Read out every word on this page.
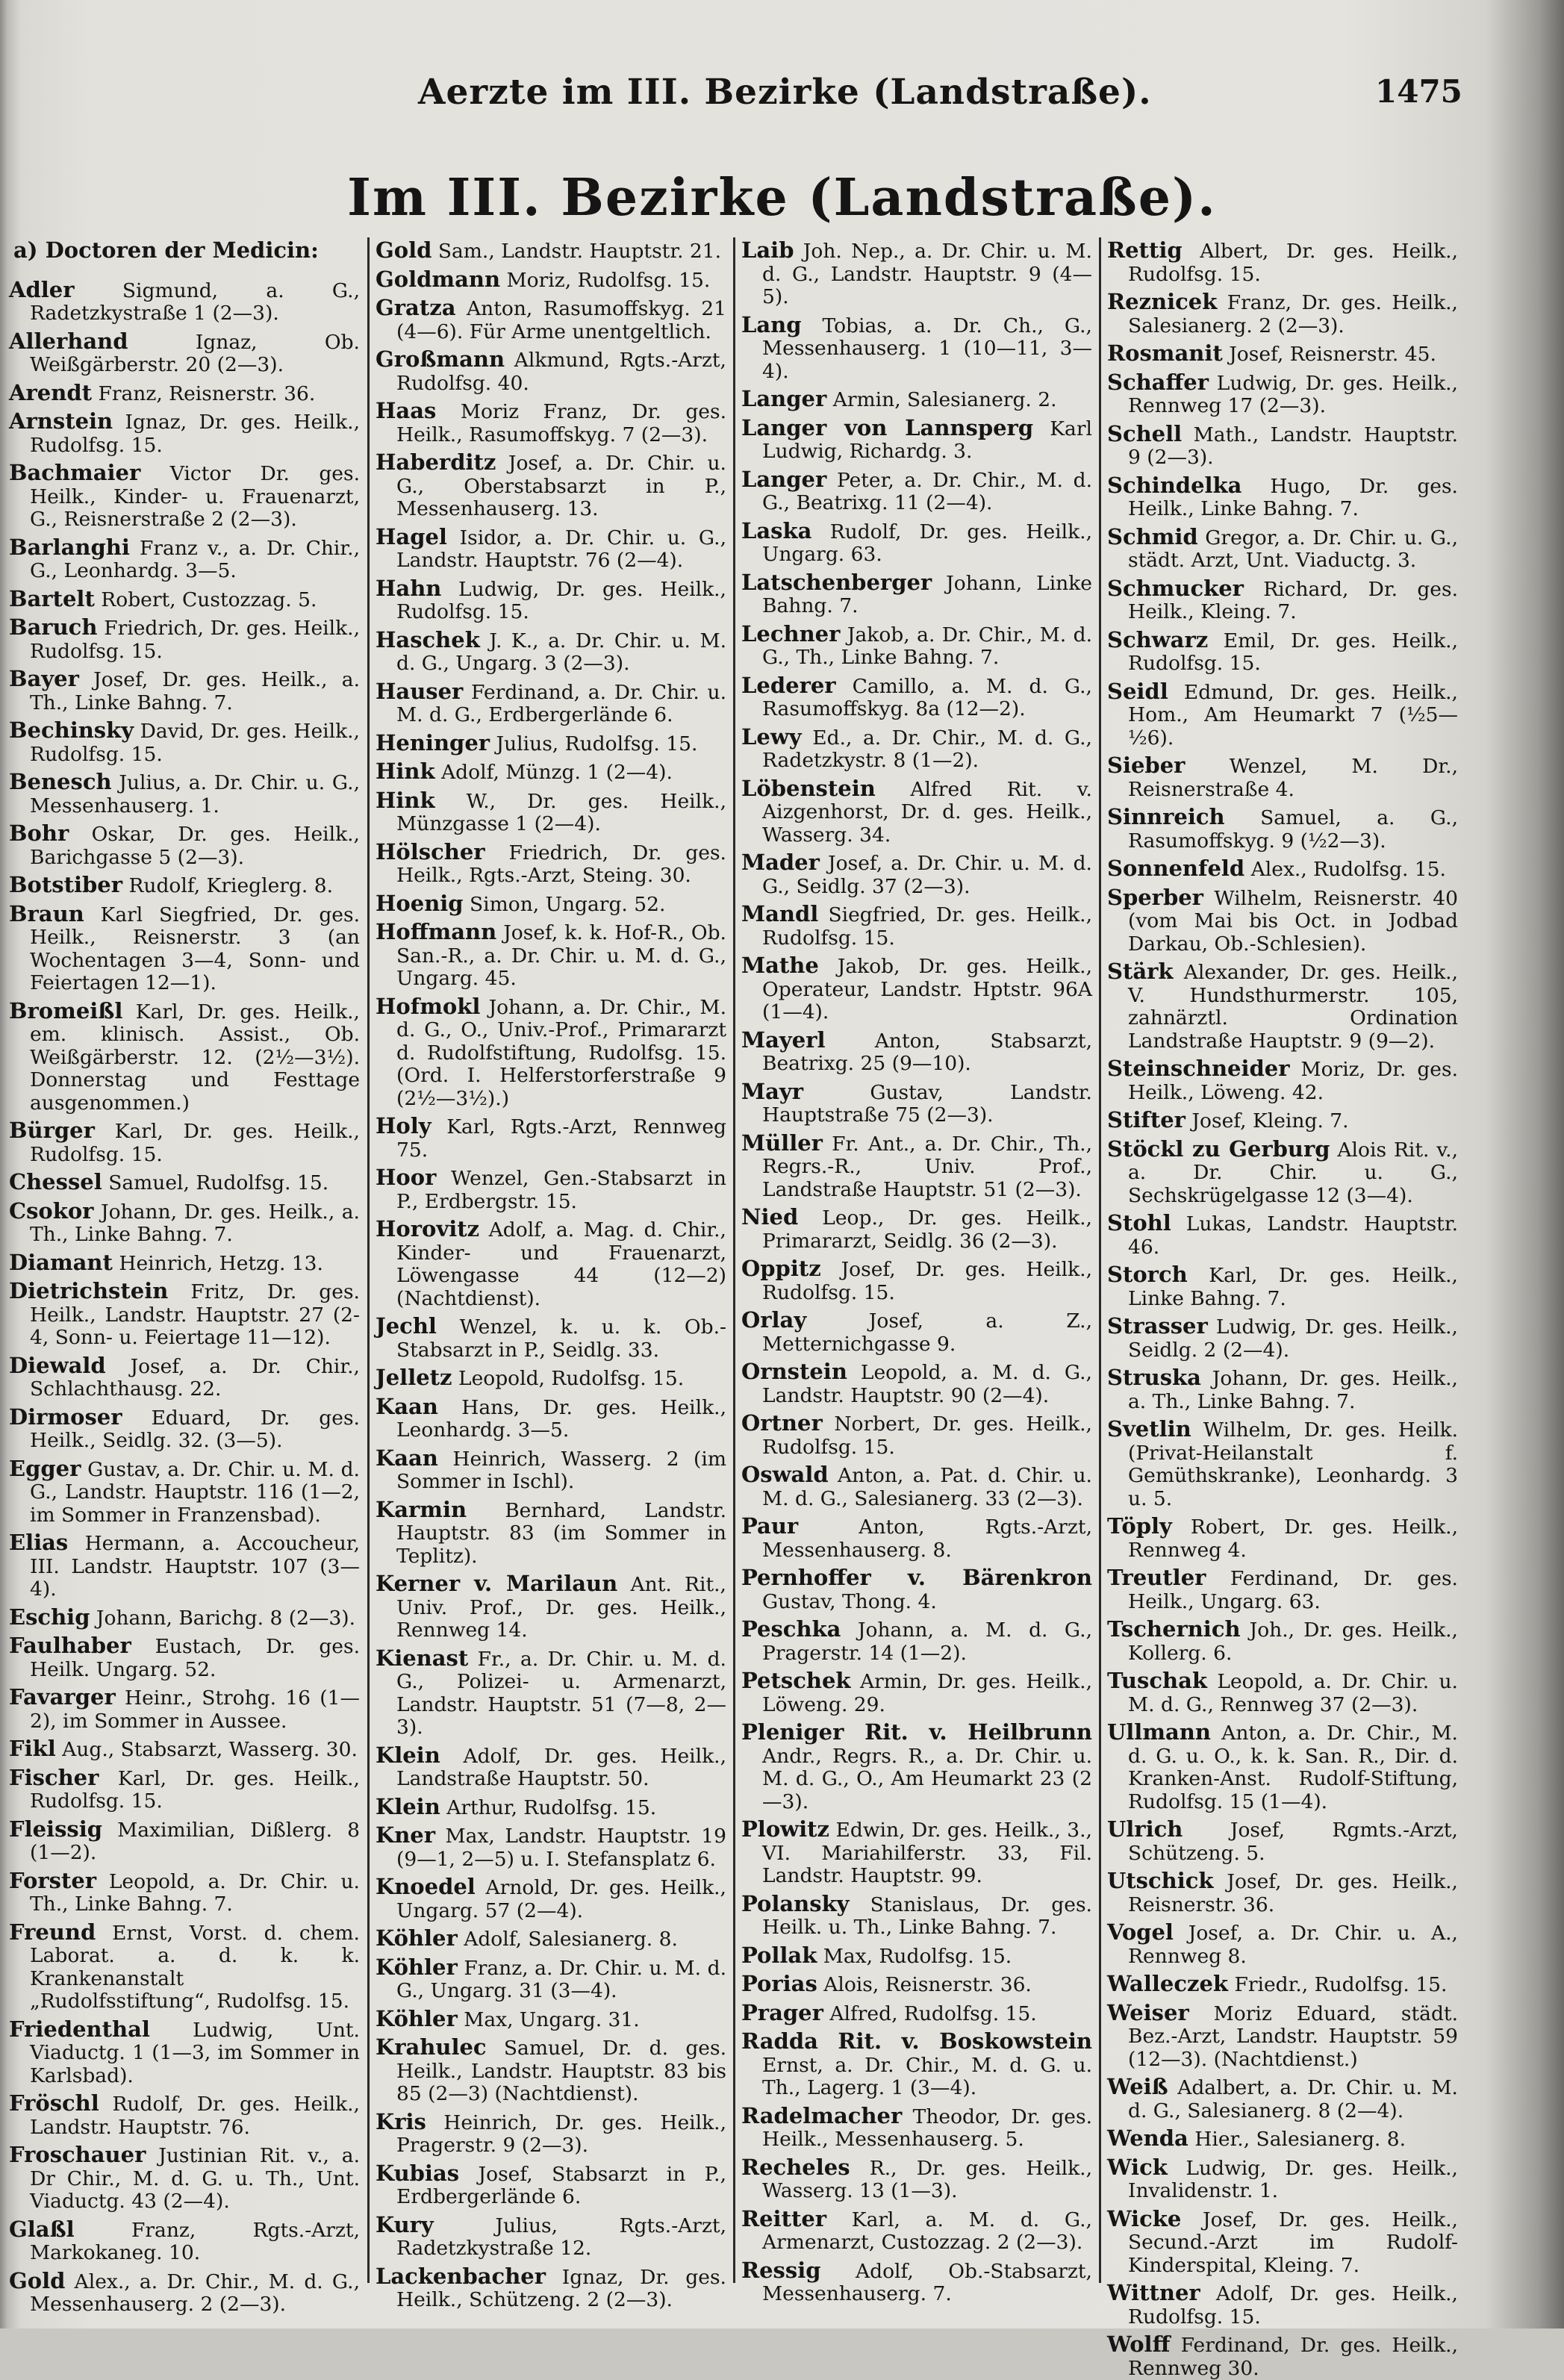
Aerzte im III. Bezirke (Landstraße).	1475
Im III. Bezirke (Landstraße).
a) Doctoren der Medicin:
Adler Sigmund, a. G., Radetzkystraße 1 (2—3).
Allerhand	Ignaz, Ob. Weißgärberstr. 20 (2—3).
Arendt Franz, Reisnerstr. 36.
Arnstein Ignaz, Dr. ges. Heilk., Rudolfsg. 15.
Bachmaier Victor Dr. ges. Heilk., Kinder- u. Frauenarzt, G., Reisnerstraße 2 (2—3).
Barlanghi Franz v., a. Dr. Chir., G., Leonhardg. 3—5.
Bartelt Robert, Custozzag. 5.
Baruch Friedrich, Dr. ges. Heilk., Rudolfsg. 15.
Bayer Josef, Dr. ges. Heilk., a. Th., Linke Bahng. 7.
Bechinsky David, Dr. ges. Heilk., Rudolfsg. 15.
Benesch Julius, a. Dr. Chir. u. G., Messenhauserg. 1.
Bohr Oskar, Dr. ges. Heilk., Barichgasse 5 (2—3).
Botstiber Rudolf, Krieglerg. 8.
Braun Karl Siegfried, Dr. ges. Heilk., Reisnerstr. 3 (an Wochentagen 3—4, Sonn- und Feiertagen 12—1).
Bromeißl Karl, Dr. ges. Heilk., em. klinisch. Assist., Ob. Weißgärberstr. 12. (2½—3½). Donnerstag und Festtage ausgenommen.)
Bürger Karl, Dr. ges. Heilk., Rudolfsg. 15.
Chessel Samuel, Rudolfsg. 15.
Csokor Johann, Dr. ges. Heilk., a. Th., Linke Bahng. 7.
Diamant Heinrich, Hetzg. 13.
Dietrichstein Fritz, Dr. ges. Heilk., Landstr. Hauptstr. 27 (2-4, Sonn- u. Feiertage 11—12).
Diewald Josef, a. Dr. Chir., Schlachthausg. 22.
Dirmoser Eduard, Dr. ges. Heilk., Seidlg. 32. (3—5).
Egger Gustav, a. Dr. Chir. u. M. d. G., Landstr. Hauptstr. 116 (1—2, im Sommer in Franzensbad).
Elias Hermann, a. Accoucheur, III. Landstr. Hauptstr. 107 (3—4).
Eschig Johann, Barichg. 8 (2—3).
Faulhaber Eustach, Dr. ges. Heilk. Ungarg. 52.
Favarger Heinr., Strohg. 16 (1—2), im Sommer in Aussee.
Fikl Aug., Stabsarzt, Wasserg. 30.
Fischer Karl, Dr. ges. Heilk., Rudolfsg. 15.
Fleissig Maximilian, Dißlerg. 8 (1—2).
Forster Leopold, a. Dr. Chir. u. Th., Linke Bahng. 7.
Freund Ernst, Vorst. d. chem. Laborat. a. d. k. k. Krankenanstalt „Rudolfsstiftung“, Rudolfsg. 15.
Friedenthal Ludwig, Unt. Viaductg. 1 (1—3, im Sommer in Karlsbad).
Fröschl Rudolf, Dr. ges. Heilk., Landstr. Hauptstr. 76.
Froschauer Justinian Rit. v., a. Dr Chir., M. d. G. u. Th., Unt. Viaductg. 43 (2—4).
Glaßl	Franz, Rgts.-Arzt, Markokaneg. 10.
Gold Alex., a. Dr. Chir., M. d. G., Messenhauserg. 2 (2—3).
Gold Sam., Landstr. Hauptstr. 21.
Goldmann Moriz, Rudolfsg. 15.
Gratza Anton, Rasumoffskyg. 21 (4—6). Für Arme unentgeltlich.
Großmann Alkmund, Rgts.-Arzt, Rudolfsg. 40.
Haas Moriz Franz, Dr. ges. Heilk., Rasumoffskyg. 7 (2—3).
Haberditz Josef, a. Dr. Chir. u. G., Oberstabsarzt in P., Messenhauserg. 13.
Hagel Isidor, a. Dr. Chir. u. G., Landstr. Hauptstr. 76 (2—4).
Hahn Ludwig, Dr. ges. Heilk., Rudolfsg. 15.
Haschek J. K., a. Dr. Chir. u. M. d. G., Ungarg. 3 (2—3).
Hauser Ferdinand, a. Dr. Chir. u. M. d. G., Erdbergerlände 6.
Heninger Julius, Rudolfsg. 15.
Hink Adolf, Münzg. 1 (2—4).
Hink W., Dr. ges. Heilk., Münzgasse 1 (2—4).
Hölscher Friedrich, Dr. ges. Heilk., Rgts.-Arzt, Steing. 30.
Hoenig Simon, Ungarg. 52.
Hoffmann Josef, k. k. Hof-R., Ob. San.-R., a. Dr. Chir. u. M. d. G., Ungarg. 45.
Hofmokl Johann, a. Dr. Chir., M. d. G., O., Univ.-Prof., Primararzt d. Rudolfstiftung, Rudolfsg. 15. (Ord. I. Helferstorferstraße 9 (2½—3½).)
Holy Karl, Rgts.-Arzt, Rennweg 75.
Hoor Wenzel, Gen.-Stabsarzt in P., Erdbergstr. 15.
Horovitz Adolf, a. Mag. d. Chir., Kinder- und Frauenarzt, Löwengasse 44 (12—2) (Nachtdienst).
Jechl Wenzel, k. u. k. Ob.-Stabsarzt in P., Seidlg. 33.
Jelletz Leopold, Rudolfsg. 15.
Kaan Hans, Dr. ges. Heilk., Leonhardg. 3—5.
Kaan Heinrich, Wasserg. 2 (im Sommer in Ischl).
Karmin Bernhard, Landstr. Hauptstr. 83 (im Sommer in Teplitz).
Kerner v. Marilaun Ant. Rit., Univ. Prof., Dr. ges. Heilk., Rennweg 14.
Kienast Fr., a. Dr. Chir. u. M. d. G., Polizei- u. Armenarzt, Landstr. Hauptstr. 51 (7—8, 2—3).
Klein Adolf, Dr. ges. Heilk., Landstraße Hauptstr. 50.
Klein Arthur, Rudolfsg. 15.
Kner Max, Landstr. Hauptstr. 19 (9—1, 2—5) u. I. Stefansplatz 6.
Knoedel Arnold, Dr. ges. Heilk., Ungarg. 57 (2—4).
Köhler Adolf, Salesianerg. 8.
Köhler Franz, a. Dr. Chir. u. M. d. G., Ungarg. 31 (3—4).
Köhler Max, Ungarg. 31.
Krahulec Samuel, Dr. d. ges. Heilk., Landstr. Hauptstr. 83 bis 85 (2—3) (Nachtdienst).
Kris Heinrich, Dr. ges. Heilk., Pragerstr. 9 (2—3).
Kubias Josef, Stabsarzt in P., Erdbergerlände 6.
Kury	Julius, Rgts.-Arzt, Radetzkystraße 12.
Lackenbacher Ignaz, Dr. ges. Heilk., Schützeng. 2 (2—3).
Laib Joh. Nep., a. Dr. Chir. u. M. d. G., Landstr. Hauptstr. 9 (4—5).
Lang Tobias, a. Dr. Ch., G., Messenhauserg. 1 (10—11, 3—4).
Langer Armin, Salesianerg. 2.
Langer von Lannsperg Karl Ludwig, Richardg. 3.
Langer Peter, a. Dr. Chir., M. d. G., Beatrixg. 11 (2—4).
Laska Rudolf, Dr. ges. Heilk., Ungarg. 63.
Latschenberger Johann, Linke Bahng. 7.
Lechner Jakob, a. Dr. Chir., M. d. G., Th., Linke Bahng. 7.
Lederer Camillo, a. M. d. G., Rasumoffskyg. 8a (12—2).
Lewy Ed., a. Dr. Chir., M. d. G., Radetzkystr. 8 (1—2).
Löbenstein Alfred Rit. v. Aizgenhorst, Dr. d. ges. Heilk., Wasserg. 34.
Mader Josef, a. Dr. Chir. u. M. d. G., Seidlg. 37 (2—3).
Mandl Siegfried, Dr. ges. Heilk., Rudolfsg. 15.
Mathe Jakob, Dr. ges. Heilk., Operateur, Landstr. Hptstr. 96A (1—4).
Mayerl	Anton, Stabsarzt, Beatrixg. 25 (9—10).
Mayr	Gustav, Landstr. Hauptstraße 75 (2—3).
Müller Fr. Ant., a. Dr. Chir., Th., Regrs.-R., Univ. Prof., Landstraße Hauptstr. 51 (2—3).
Nied Leop., Dr. ges. Heilk., Primararzt, Seidlg. 36 (2—3).
Oppitz Josef, Dr. ges. Heilk., Rudolfsg. 15.
Orlay	Josef, a. Z., Metternichgasse 9.
Ornstein Leopold, a. M. d. G., Landstr. Hauptstr. 90 (2—4).
Ortner Norbert, Dr. ges. Heilk., Rudolfsg. 15.
Oswald Anton, a. Pat. d. Chir. u. M. d. G., Salesianerg. 33 (2—3).
Paur	Anton, Rgts.-Arzt, Messenhauserg. 8.
Pernhoffer v. Bärenkron Gustav, Thong. 4.
Peschka Johann, a. M. d. G., Pragerstr. 14 (1—2).
Petschek Armin, Dr. ges. Heilk., Löweng. 29.
Pleniger Rit. v. Heilbrunn Andr., Regrs. R., a. Dr. Chir. u. M. d. G., O., Am Heumarkt 23 (2—3).
Plowitz Edwin, Dr. ges. Heilk., 3., VI. Mariahilferstr. 33, Fil. Landstr. Hauptstr. 99.
Polansky Stanislaus, Dr. ges. Heilk. u. Th., Linke Bahng. 7.
Pollak Max, Rudolfsg. 15.
Porias Alois, Reisnerstr. 36.
Prager Alfred, Rudolfsg. 15.
Radda Rit. v. Boskowstein Ernst, a. Dr. Chir., M. d. G. u. Th., Lagerg. 1 (3—4).
Radelmacher Theodor, Dr. ges. Heilk., Messenhauserg. 5.
Recheles R., Dr. ges. Heilk., Wasserg. 13 (1—3).
Reitter Karl, a. M. d. G., Armenarzt, Custozzag. 2 (2—3).
Ressig Adolf, Ob.-Stabsarzt, Messenhauserg. 7.
Rettig Albert, Dr. ges. Heilk., Rudolfsg. 15.
Reznicek Franz, Dr. ges. Heilk., Salesianerg. 2 (2—3).
Rosmanit Josef, Reisnerstr. 45.
Schaffer Ludwig, Dr. ges. Heilk., Rennweg 17 (2—3).
Schell Math., Landstr. Hauptstr. 9 (2—3).
Schindelka Hugo, Dr. ges. Heilk., Linke Bahng. 7.
Schmid Gregor, a. Dr. Chir. u. G., städt. Arzt, Unt. Viaductg. 3.
Schmucker Richard, Dr. ges. Heilk., Kleing. 7.
Schwarz Emil, Dr. ges. Heilk., Rudolfsg. 15.
Seidl Edmund, Dr. ges. Heilk., Hom., Am Heumarkt 7 (½5—½6).
Sieber Wenzel, M. Dr., Reisnerstraße 4.
Sinnreich Samuel, a. G., Rasumoffskyg. 9 (½2—3).
Sonnenfeld Alex., Rudolfsg. 15.
Sperber Wilhelm, Reisnerstr. 40 (vom Mai bis Oct. in Jodbad Darkau, Ob.-Schlesien).
Stärk Alexander, Dr. ges. Heilk., V. Hundsthurmerstr. 105, zahnärztl. Ordination Landstraße Hauptstr. 9 (9—2).
Steinschneider Moriz, Dr. ges. Heilk., Löweng. 42.
Stifter Josef, Kleing. 7.
Stöckl zu Gerburg Alois Rit. v., a. Dr. Chir. u. G., Sechskrügelgasse 12 (3—4).
Stohl Lukas, Landstr. Hauptstr. 46.
Storch Karl, Dr. ges. Heilk., Linke Bahng. 7.
Strasser Ludwig, Dr. ges. Heilk., Seidlg. 2 (2—4).
Struska Johann, Dr. ges. Heilk., a. Th., Linke Bahng. 7.
Svetlin Wilhelm, Dr. ges. Heilk. (Privat-Heilanstalt f. Gemüthskranke), Leonhardg. 3 u. 5.
Töply Robert, Dr. ges. Heilk., Rennweg 4.
Treutler Ferdinand, Dr. ges. Heilk., Ungarg. 63.
Tschernich Joh., Dr. ges. Heilk., Kollerg. 6.
Tuschak Leopold, a. Dr. Chir. u. M. d. G., Rennweg 37 (2—3).
Ullmann Anton, a. Dr. Chir., M. d. G. u. O., k. k. San. R., Dir. d. Kranken-Anst. Rudolf-Stiftung, Rudolfsg. 15 (1—4).
Ulrich Josef, Rgmts.-Arzt, Schützeng. 5.
Utschick Josef, Dr. ges. Heilk., Reisnerstr. 36.
Vogel Josef, a. Dr. Chir. u. A., Rennweg 8.
Walleczek Friedr., Rudolfsg. 15.
Weiser Moriz Eduard, städt. Bez.-Arzt, Landstr. Hauptstr. 59 (12—3). (Nachtdienst.)
Weiß Adalbert, a. Dr. Chir. u. M. d. G., Salesianerg. 8 (2—4).
Wenda Hier., Salesianerg. 8.
Wick Ludwig, Dr. ges. Heilk., Invalidenstr. 1.
Wicke Josef, Dr. ges. Heilk., Secund.-Arzt im Rudolf-Kinderspital, Kleing. 7.
Wittner Adolf, Dr. ges. Heilk., Rudolfsg. 15.
Wolff Ferdinand, Dr. ges. Heilk., Rennweg 30.
